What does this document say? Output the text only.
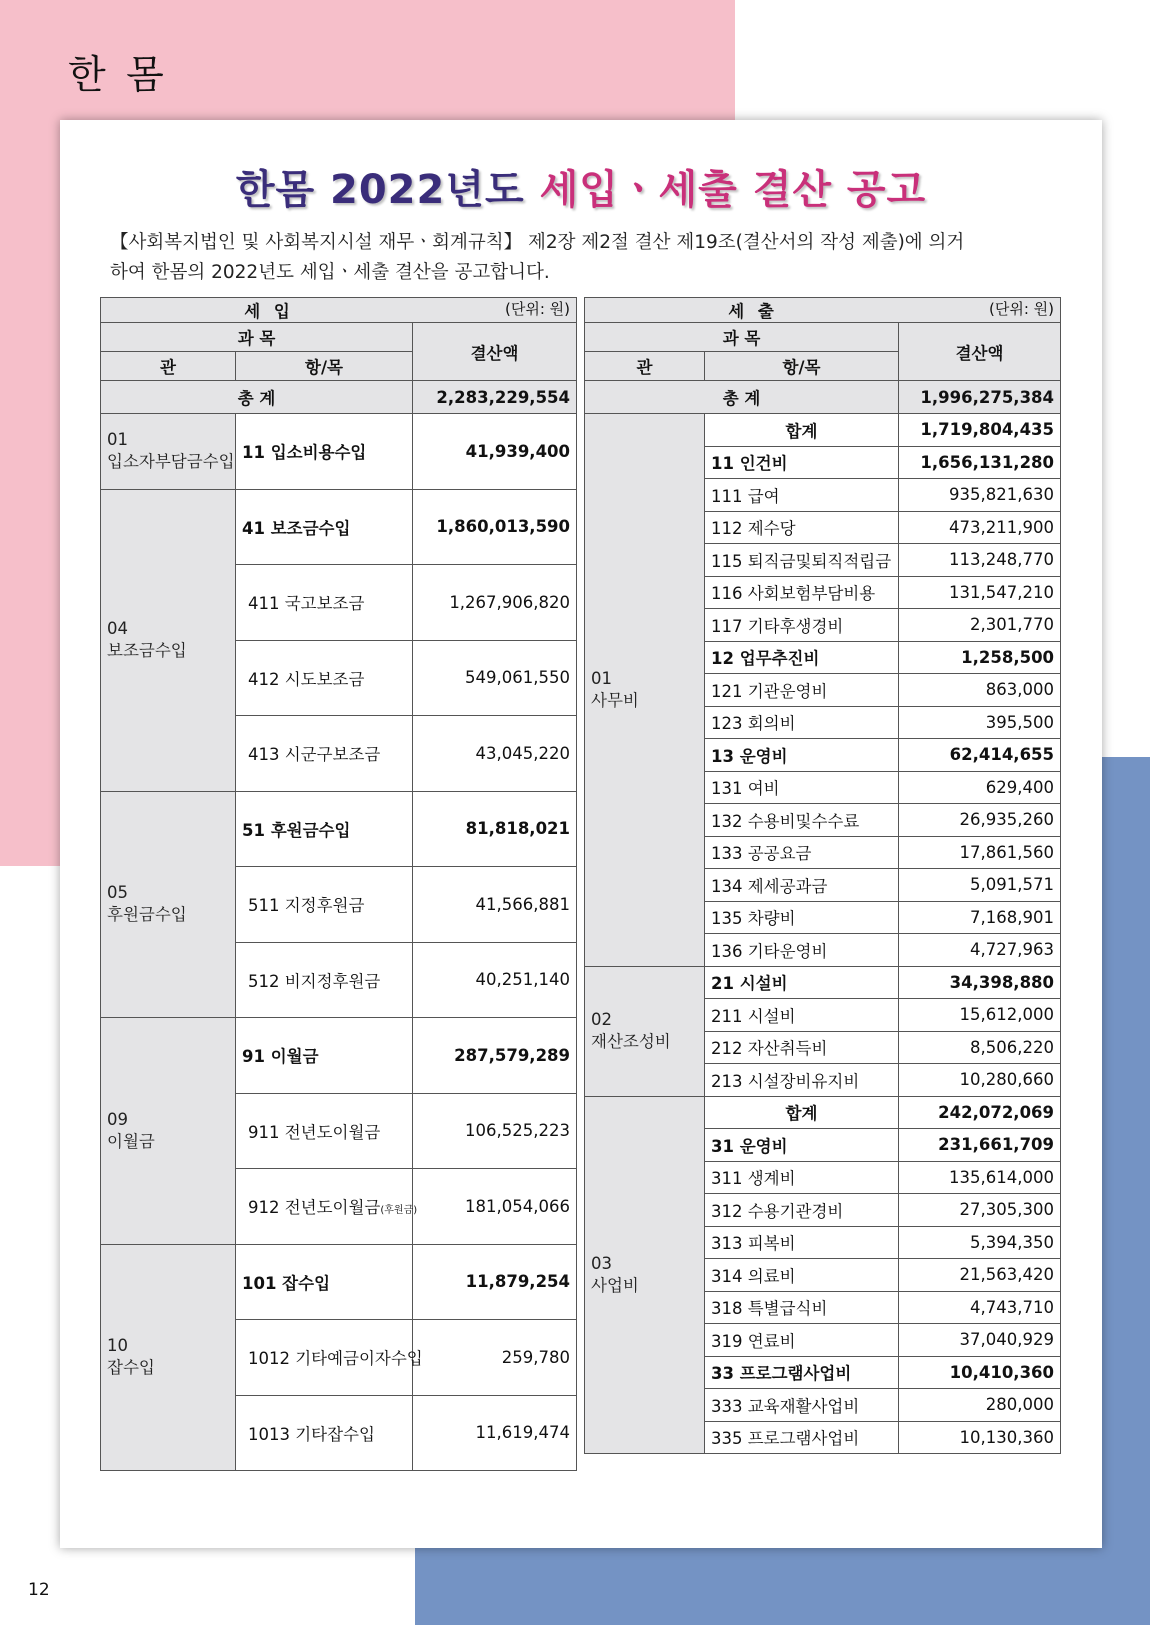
한 몸
한몸 2022년도 세입ㆍ세출 결산 공고
【사회복지법인 및 사회복지시설 재무ㆍ회계규칙】 제2장 제2절 결산 제19조(결산서의 작성 제출)에 의거
하여 한몸의 2022년도 세입ㆍ세출 결산을 공고합니다.
세 입 (단위: 원)		

과 목		결산액
관	항/목	
총 계		2,283,229,554

01
입소자부담금수입	11 입소비용수입	41,939,400

04
보조금수입	41 보조금수입	1,860,013,590
	411 국고보조금	1,267,906,820
	412 시도보조금	549,061,550
	413 시군구보조금	43,045,220

05
후원금수입	51 후원금수입	81,818,021
	511 지정후원금	41,566,881
	512 비지정후원금	40,251,140

09
이월금	91 이월금	287,579,289
	911 전년도이월금	106,525,223
	912 전년도이월금(후원금)	181,054,066

10
잡수입	101 잡수입	11,879,254
	1012 기타예금이자수입	259,780
	1013 기타잡수입	11,619,474
세 출 (단위: 원)		

과 목		결산액
관	항/목	
총 계		1,996,275,384

01
사무비	합계	1,719,804,435
	11 인건비	1,656,131,280
	111 급여	935,821,630
	112 제수당	473,211,900
	115 퇴직금및퇴직적립금	113,248,770
	116 사회보험부담비용	131,547,210
	117 기타후생경비	2,301,770
	12 업무추진비	1,258,500
	121 기관운영비	863,000
	123 회의비	395,500
	13 운영비	62,414,655
	131 여비	629,400
	132 수용비및수수료	26,935,260
	133 공공요금	17,861,560
	134 제세공과금	5,091,571
	135 차량비	7,168,901
	136 기타운영비	4,727,963

02
재산조성비	21 시설비	34,398,880
	211 시설비	15,612,000
	212 자산취득비	8,506,220
	213 시설장비유지비	10,280,660

03
사업비	합계	242,072,069
	31 운영비	231,661,709
	311 생계비	135,614,000
	312 수용기관경비	27,305,300
	313 피복비	5,394,350
	314 의료비	21,563,420
	318 특별급식비	4,743,710
	319 연료비	37,040,929
	33 프로그램사업비	10,410,360
	333 교육재활사업비	280,000
	335 프로그램사업비	10,130,360
12
